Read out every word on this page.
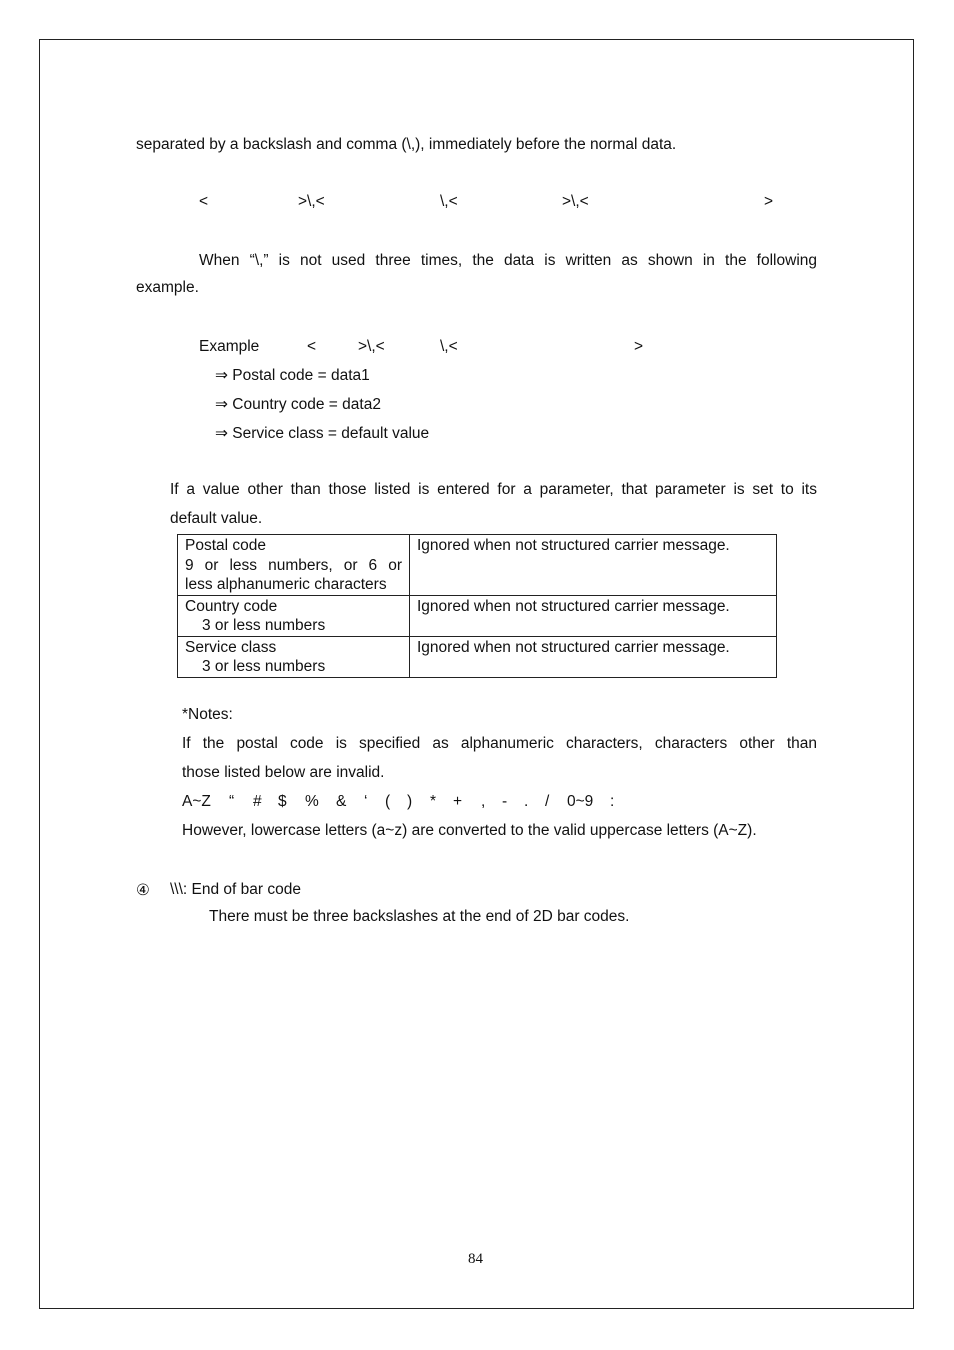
separated by a backslash and comma (\,), immediately before the normal data.
<	>\,<	\,<	>\,<	>
When “\,” is not used three times, the data is written as shown in the following
example.
Example	<	>\,<	\,<	>
⇒ Postal code = data1
⇒ Country code = data2
⇒ Service class = default value
If a value other than those listed is entered for a parameter, that parameter is set to its
default value.
Postal code
9 or less numbers, or 6 or
less alphanumeric characters	Ignored when not structured carrier message.

Country code
3 or less numbers	Ignored when not structured carrier message.

Service class
3 or less numbers	Ignored when not structured carrier message.
*Notes:
If the postal code is specified as alphanumeric characters, characters other than
those listed below are invalid.
A~Z “ # $ % & ‘ ( ) * + , - . / 0~9 :
However, lowercase letters (a~z) are converted to the valid uppercase letters (A~Z).
④ \\\: End of bar code
There must be three backslashes at the end of 2D bar codes.
84
